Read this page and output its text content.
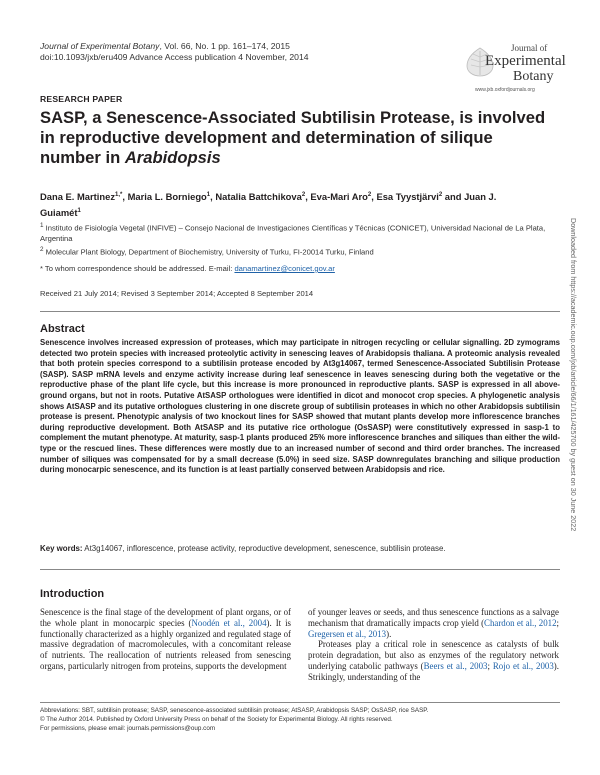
Journal of Experimental Botany, Vol. 66, No. 1 pp. 161–174, 2015
doi:10.1093/jxb/eru409 Advance Access publication 4 November, 2014
Journal of
Experimental
Botany
www.jxb.oxfordjournals.org
RESEARCH PAPER
SASP, a Senescence-Associated Subtilisin Protease, is involved in reproductive development and determination of silique number in Arabidopsis
Dana E. Martinez$^{1,*}$, Maria L. Borniego$^1$, Natalia Battchikova$^2$, Eva-Mari Aro$^2$, Esa Tyystjärvi$^2$ and Juan J. Guiamét$^1$

$^1$ Instituto de Fisiología Vegetal (INFIVE) – Consejo Nacional de Investigaciones Científicas y Técnicas (CONICET), Universidad Nacional de La Plata, Argentina

$^2$ Molecular Plant Biology, Department of Biochemistry, University of Turku, FI-20014 Turku, Finland

* To whom correspondence should be addressed. E-mail: danamartinez@conicet.gov.ar
Received 21 July 2014; Revised 3 September 2014; Accepted 8 September 2014
Abstract
Senescence involves increased expression of proteases, which may participate in nitrogen recycling or cellular signalling. 2D zymograms detected two protein species with increased proteolytic activity in senescing leaves of Arabidopsis thaliana. A proteomic analysis revealed that both protein species correspond to a subtilisin protease encoded by At3g14067, termed Senescence-Associated Subtilisin Protease (SASP). SASP mRNA levels and enzyme activity increase during leaf senescence in leaves senescing during both the vegetative or the reproductive phase of the plant life cycle, but this increase is more pronounced in reproductive plants. SASP is expressed in all above-ground organs, but not in roots. Putative AtSASP orthologues were identified in dicot and monocot crop species. A phylogenetic analysis shows AtSASP and its putative orthologues clustering in one discrete group of subtilisin proteases in which no other Arabidopsis subtilisin protease is present. Phenotypic analysis of two knockout lines for SASP showed that mutant plants develop more inflorescence branches during reproductive development. Both AtSASP and its putative rice orthologue (OsSASP) were constitutively expressed in sasp-1 to complement the mutant phenotype. At maturity, sasp-1 plants produced 25% more inflorescence branches and siliques than either the wild-type or the rescued lines. These differences were mostly due to an increased number of second and third order branches. The increased number of siliques was compensated for by a small decrease (5.0%) in seed size. SASP downregulates branching and silique production during monocarpic senescence, and its function is at least partially conserved between Arabidopsis and rice.
Key words: At3g14067, inflorescence, protease activity, reproductive development, senescence, subtilisin protease.
Introduction
Senescence is the final stage of the development of plant organs, or of the whole plant in monocarpic species (Noodén et al., 2004). It is functionally characterized as a highly organized and regulated stage of massive degradation of macromolecules, with a concomitant release of nutrients. The reallocation of nutrients released from senescing organs, particularly nitrogen from proteins, supports the development
of younger leaves or seeds, and thus senescence functions as a salvage mechanism that dramatically impacts crop yield (Chardon et al., 2012; Gregersen et al., 2013).
Proteases play a critical role in senescence as catalysts of bulk protein degradation, but also as enzymes of the regulatory network underlying catabolic pathways (Beers et al., 2003; Rojo et al., 2003). Strikingly, understanding of the

Abbreviations: SBT, subtilisin protease; SASP, senescence-associated subtilisin protease; AtSASP, Arabidopsis SASP; OsSASP, rice SASP.

© The Author 2014. Published by Oxford University Press on behalf of the Society for Experimental Biology. All rights reserved.

For permissions, please email: journals.permissions@oup.com

Downloaded from https://academic.oup.com/jxb/article/66/1/161/425700 by guest on 30 June 2022
